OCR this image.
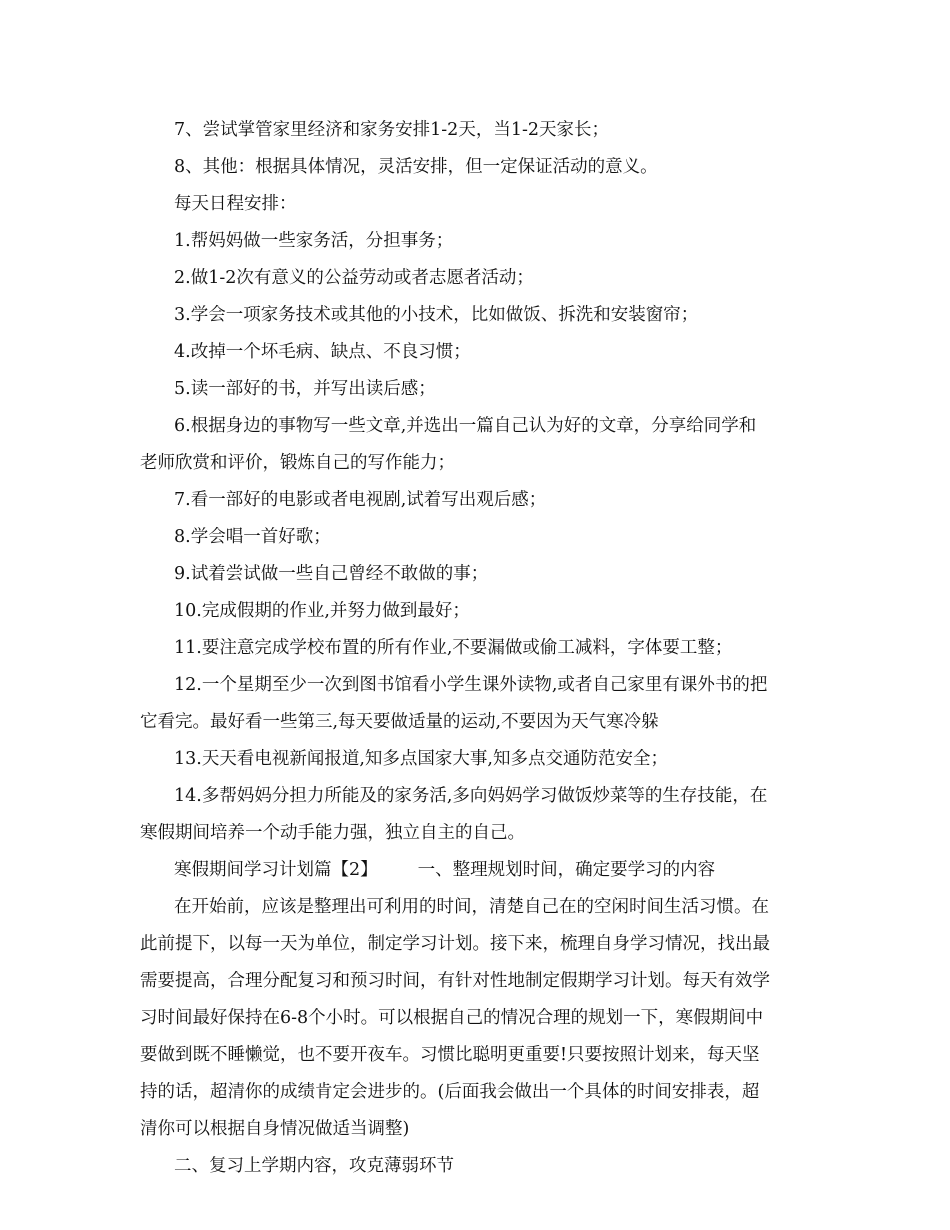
7、尝试掌管家里经济和家务安排1-2天，当1-2天家长；
8、其他：根据具体情况，灵活安排，但一定保证活动的意义。
每天日程安排：
1.帮妈妈做一些家务活，分担事务；
2.做1-2次有意义的公益劳动或者志愿者活动；
3.学会一项家务技术或其他的小技术，比如做饭、拆洗和安装窗帘；
4.改掉一个坏毛病、缺点、不良习惯；
5.读一部好的书，并写出读后感；
6.根据身边的事物写一些文章,并选出一篇自己认为好的文章，分享给同学和
老师欣赏和评价，锻炼自己的写作能力；
7.看一部好的电影或者电视剧,试着写出观后感；
8.学会唱一首好歌；
9.试着尝试做一些自己曾经不敢做的事；
10.完成假期的作业,并努力做到最好；
11.要注意完成学校布置的所有作业,不要漏做或偷工减料，字体要工整；
12.一个星期至少一次到图书馆看小学生课外读物,或者自己家里有课外书的把
它看完。最好看一些第三,每天要做适量的运动,不要因为天气寒冷躲
13.天天看电视新闻报道,知多点国家大事,知多点交通防范安全；
14.多帮妈妈分担力所能及的家务活,多向妈妈学习做饭炒菜等的生存技能，在
寒假期间培养一个动手能力强，独立自主的自己。
寒假期间学习计划篇【2】 一、整理规划时间，确定要学习的内容
在开始前，应该是整理出可利用的时间，清楚自己在的空闲时间生活习惯。在
此前提下，以每一天为单位，制定学习计划。接下来，梳理自身学习情况，找出最
需要提高，合理分配复习和预习时间，有针对性地制定假期学习计划。每天有效学
习时间最好保持在6-8个小时。可以根据自己的情况合理的规划一下，寒假期间中
要做到既不睡懒觉，也不要开夜车。习惯比聪明更重要!只要按照计划来，每天坚
持的话，超清你的成绩肯定会进步的。(后面我会做出一个具体的时间安排表，超
清你可以根据自身情况做适当调整)
二、复习上学期内容，攻克薄弱环节
